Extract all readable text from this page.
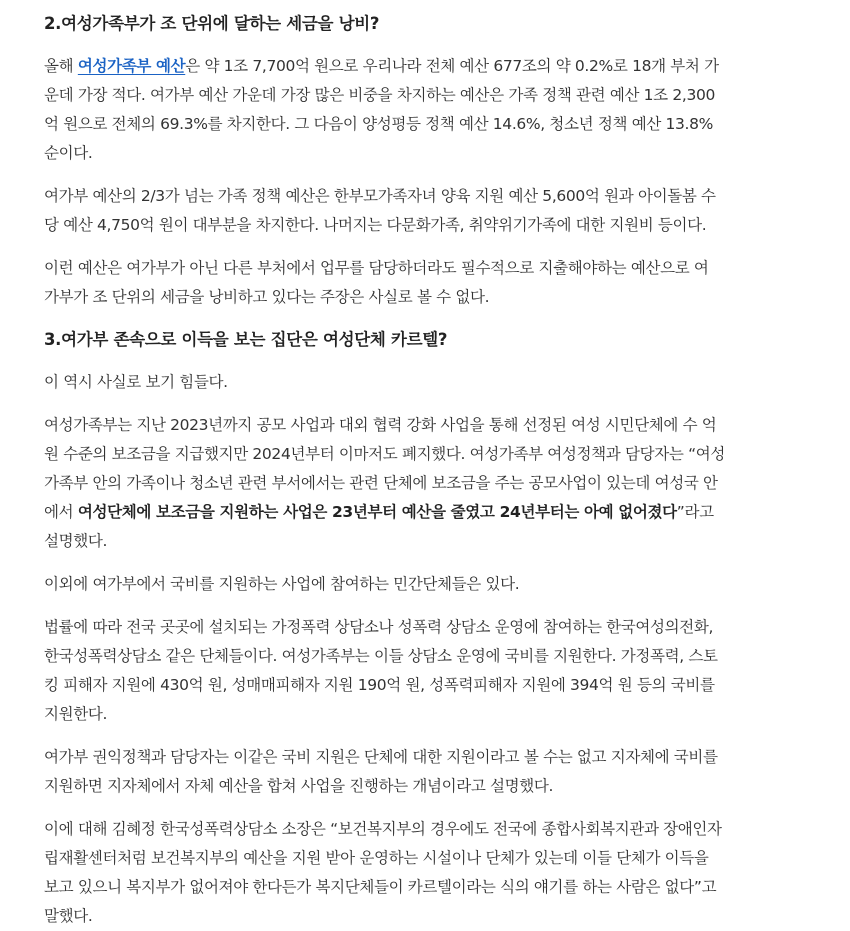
2.여성가족부가 조 단위에 달하는 세금을 낭비?

올해 여성가족부 예산은 약 1조 7,700억 원으로 우리나라 전체 예산 677조의 약 0.2%로 18개 부처 가
운데 가장 적다. 여가부 예산 가운데 가장 많은 비중을 차지하는 예산은 가족 정책 관련 예산 1조 2,300
억 원으로 전체의 69.3%를 차지한다. 그 다음이 양성평등 정책 예산 14.6%, 청소년 정책 예산 13.8%
순이다.

여가부 예산의 2/3가 넘는 가족 정책 예산은 한부모가족자녀 양육 지원 예산 5,600억 원과 아이돌봄 수
당 예산 4,750억 원이 대부분을 차지한다. 나머지는 다문화가족, 취약위기가족에 대한 지원비 등이다.

이런 예산은 여가부가 아닌 다른 부처에서 업무를 담당하더라도 필수적으로 지출해야하는 예산으로 여
가부가 조 단위의 세금을 낭비하고 있다는 주장은 사실로 볼 수 없다.

3.여가부 존속으로 이득을 보는 집단은 여성단체 카르텔?

이 역시 사실로 보기 힘들다.

여성가족부는 지난 2023년까지 공모 사업과 대외 협력 강화 사업을 통해 선정된 여성 시민단체에 수 억
원 수준의 보조금을 지급했지만 2024년부터 이마저도 폐지했다. 여성가족부 여성정책과 담당자는 “여성
가족부 안의 가족이나 청소년 관련 부서에서는 관련 단체에 보조금을 주는 공모사업이 있는데 여성국 안
에서 여성단체에 보조금을 지원하는 사업은 23년부터 예산을 줄였고 24년부터는 아예 없어졌다”라고
설명했다.

이외에 여가부에서 국비를 지원하는 사업에 참여하는 민간단체들은 있다.

법률에 따라 전국 곳곳에 설치되는 가정폭력 상담소나 성폭력 상담소 운영에 참여하는 한국여성의전화,
한국성폭력상담소 같은 단체들이다. 여성가족부는 이들 상담소 운영에 국비를 지원한다. 가정폭력, 스토
킹 피해자 지원에 430억 원, 성매매피해자 지원 190억 원, 성폭력피해자 지원에 394억 원 등의 국비를
지원한다.

여가부 권익정책과 담당자는 이같은 국비 지원은 단체에 대한 지원이라고 볼 수는 없고 지자체에 국비를
지원하면 지자체에서 자체 예산을 합쳐 사업을 진행하는 개념이라고 설명했다.

이에 대해 김혜정 한국성폭력상담소 소장은 “보건복지부의 경우에도 전국에 종합사회복지관과 장애인자
립재활센터처럼 보건복지부의 예산을 지원 받아 운영하는 시설이나 단체가 있는데 이들 단체가 이득을
보고 있으니 복지부가 없어져야 한다든가 복지단체들이 카르텔이라는 식의 얘기를 하는 사람은 없다”고
말했다.
